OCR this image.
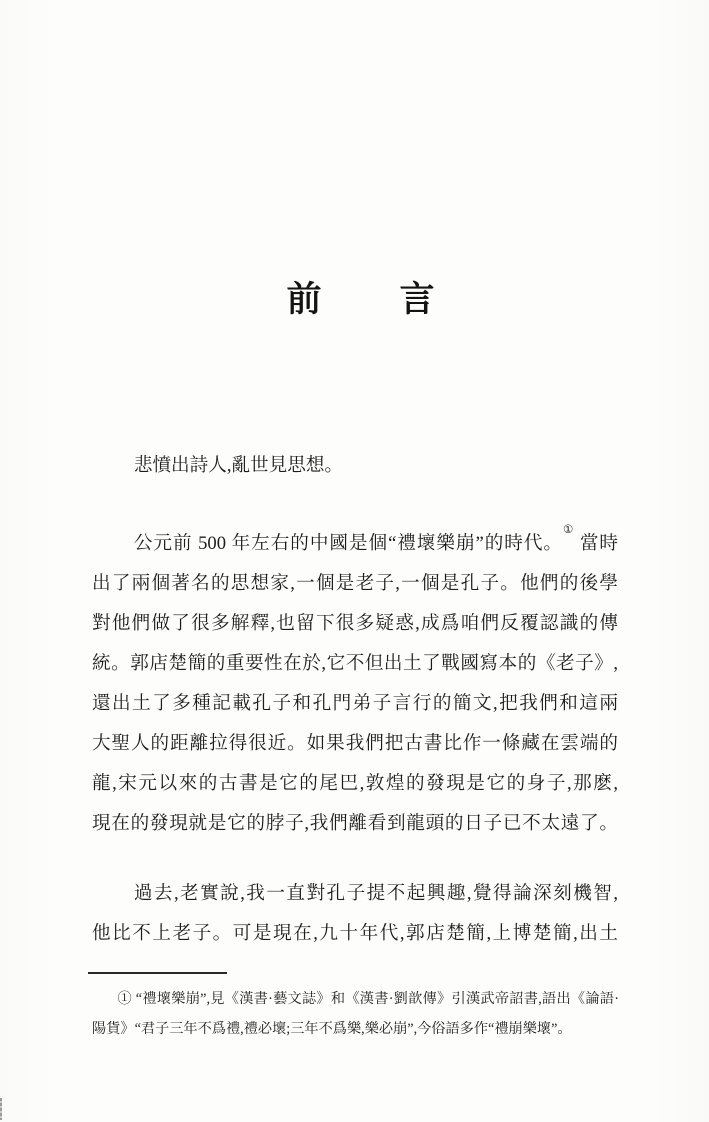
前 言
悲憤出詩人,亂世見思想。
公元前 500 年左右的中國是個“禮壞樂崩”的時代。① 當時
出了兩個著名的思想家,一個是老子,一個是孔子。他們的後學
對他們做了很多解釋,也留下很多疑惑,成爲咱們反覆認識的傳
統。郭店楚簡的重要性在於,它不但出土了戰國寫本的《老子》,
還出土了多種記載孔子和孔門弟子言行的簡文,把我們和這兩
大聖人的距離拉得很近。如果我們把古書比作一條藏在雲端的
龍,宋元以來的古書是它的尾巴,敦煌的發現是它的身子,那麽,
現在的發現就是它的脖子,我們離看到龍頭的日子已不太遠了。
過去,老實說,我一直對孔子提不起興趣,覺得論深刻機智,
他比不上老子。可是現在,九十年代,郭店楚簡,上博楚簡,出土
① “禮壞樂崩”,見《漢書·藝文誌》和《漢書·劉歆傳》引漢武帝詔書,語出《論語·
陽貨》“君子三年不爲禮,禮必壞;三年不爲樂,樂必崩”,今俗語多作“禮崩樂壞”。
